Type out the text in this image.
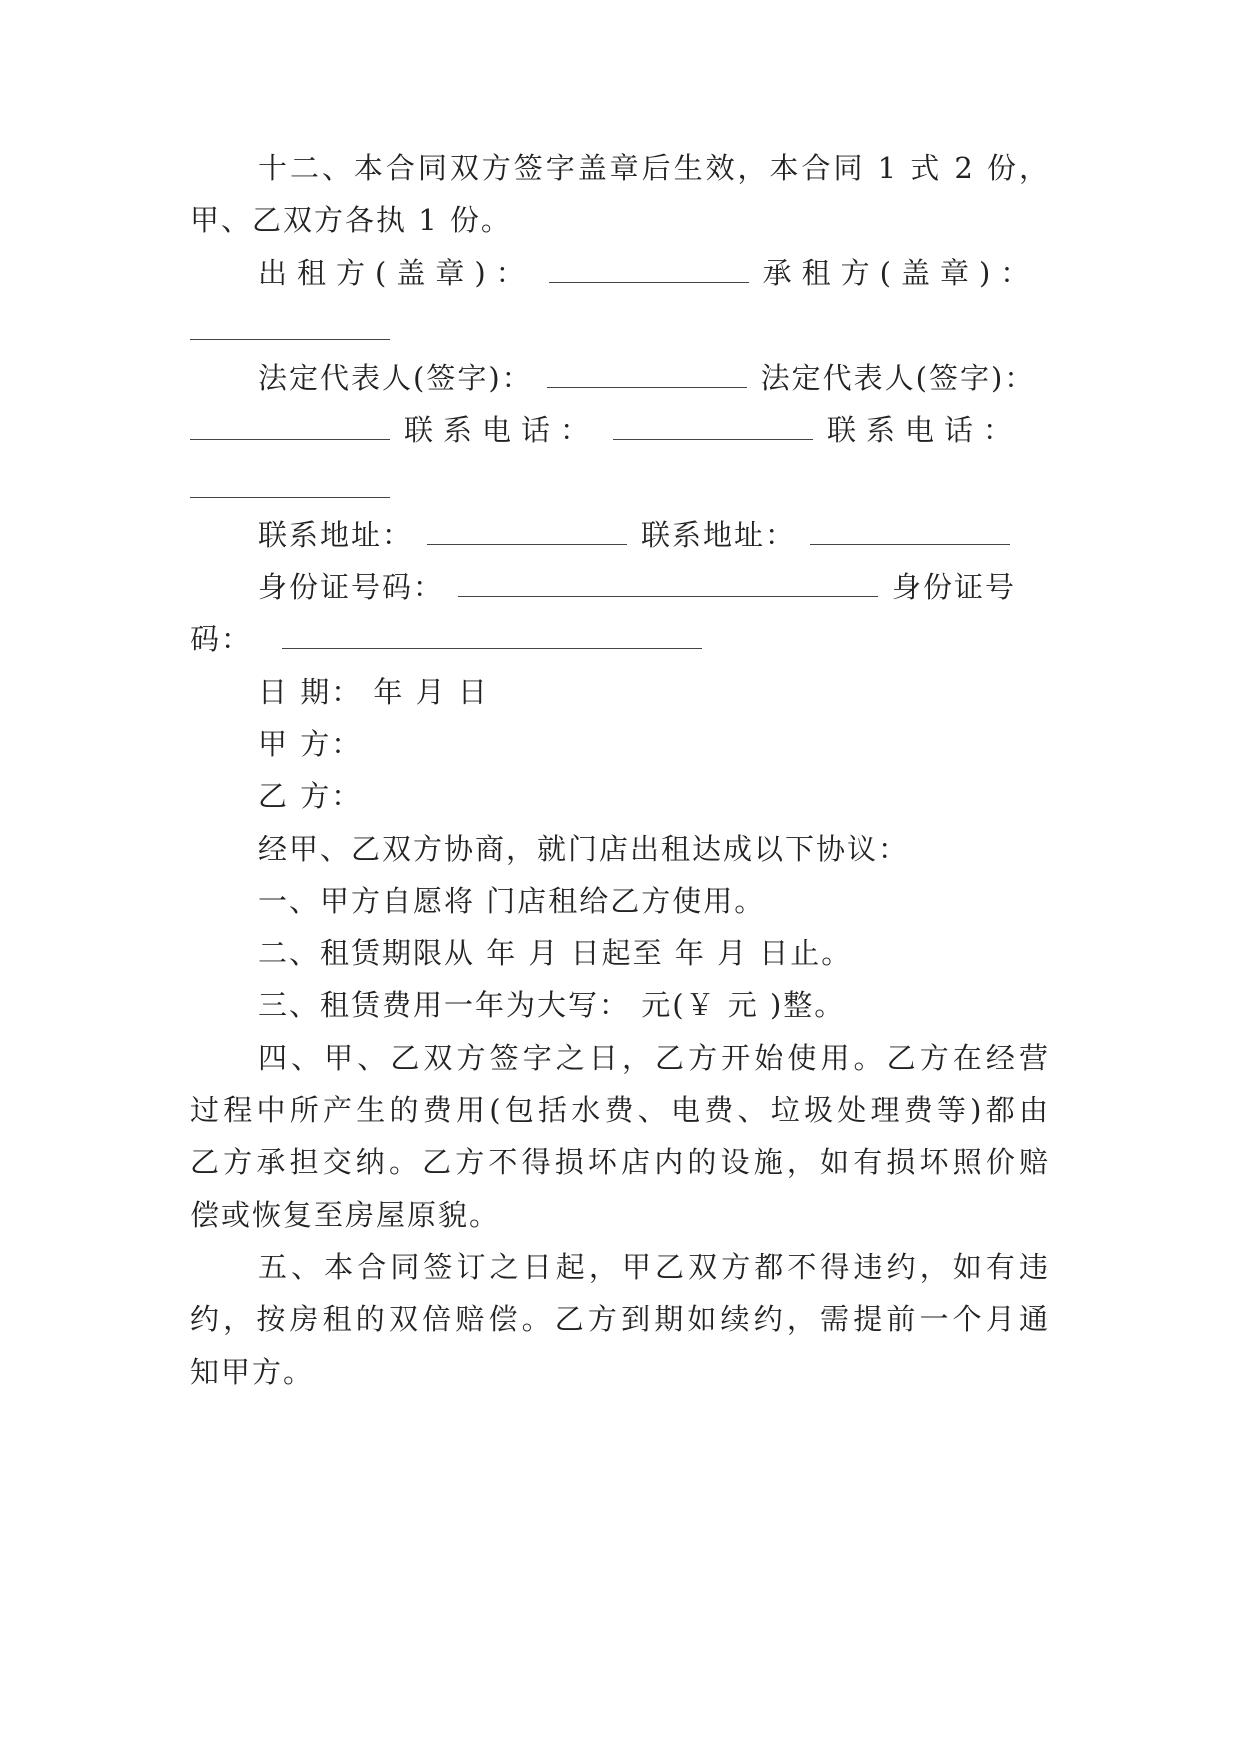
十二、本合同双方签字盖章后生效，本合同 1 式 2 份，
甲、乙双方各执 1 份。
出租方(盖章)：	承租方(盖章)：
法定代表人(签字)：	法定代表人(签字)：
联系电话：	联系电话：
联系地址：	联系地址：
身份证号码：	身份证号
码：
日 期： 年 月 日
甲 方：
乙 方：
经甲、乙双方协商，就门店出租达成以下协议：
一、甲方自愿将 门店租给乙方使用。
二、租赁期限从 年 月 日起至 年 月 日止。
三、租赁费用一年为大写： 元(￥ 元 )整。
四、甲、乙双方签字之日，乙方开始使用。乙方在经营
过程中所产生的费用(包括水费、电费、垃圾处理费等)都由
乙方承担交纳。乙方不得损坏店内的设施，如有损坏照价赔
偿或恢复至房屋原貌。
五、本合同签订之日起，甲乙双方都不得违约，如有违
约，按房租的双倍赔偿。乙方到期如续约，需提前一个月通
知甲方。
